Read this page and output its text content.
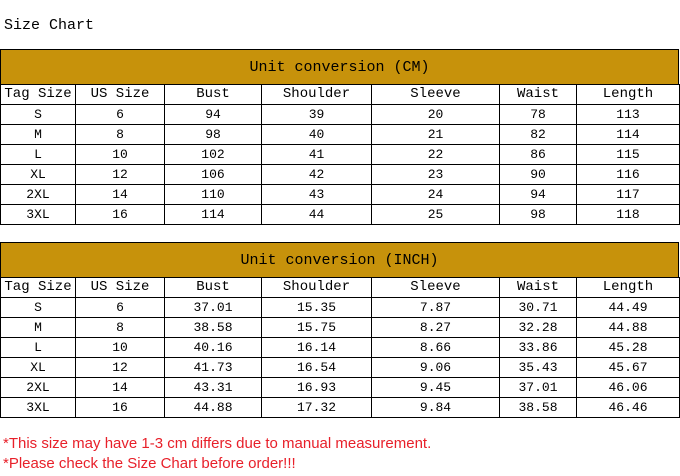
Size Chart
Unit conversion (CM)
Tag Size	US Size	Bust	Shoulder	Sleeve	Waist	Length
S	6	94	39	20	78	113
M	8	98	40	21	82	114
L	10	102	41	22	86	115
XL	12	106	42	23	90	116
2XL	14	110	43	24	94	117
3XL	16	114	44	25	98	118
Unit conversion (INCH)
Tag Size	US Size	Bust	Shoulder	Sleeve	Waist	Length
S	6	37.01	15.35	7.87	30.71	44.49
M	8	38.58	15.75	8.27	32.28	44.88
L	10	40.16	16.14	8.66	33.86	45.28
XL	12	41.73	16.54	9.06	35.43	45.67
2XL	14	43.31	16.93	9.45	37.01	46.06
3XL	16	44.88	17.32	9.84	38.58	46.46
*This size may have 1-3 cm differs due to manual measurement.
*Please check the Size Chart before order!!!
